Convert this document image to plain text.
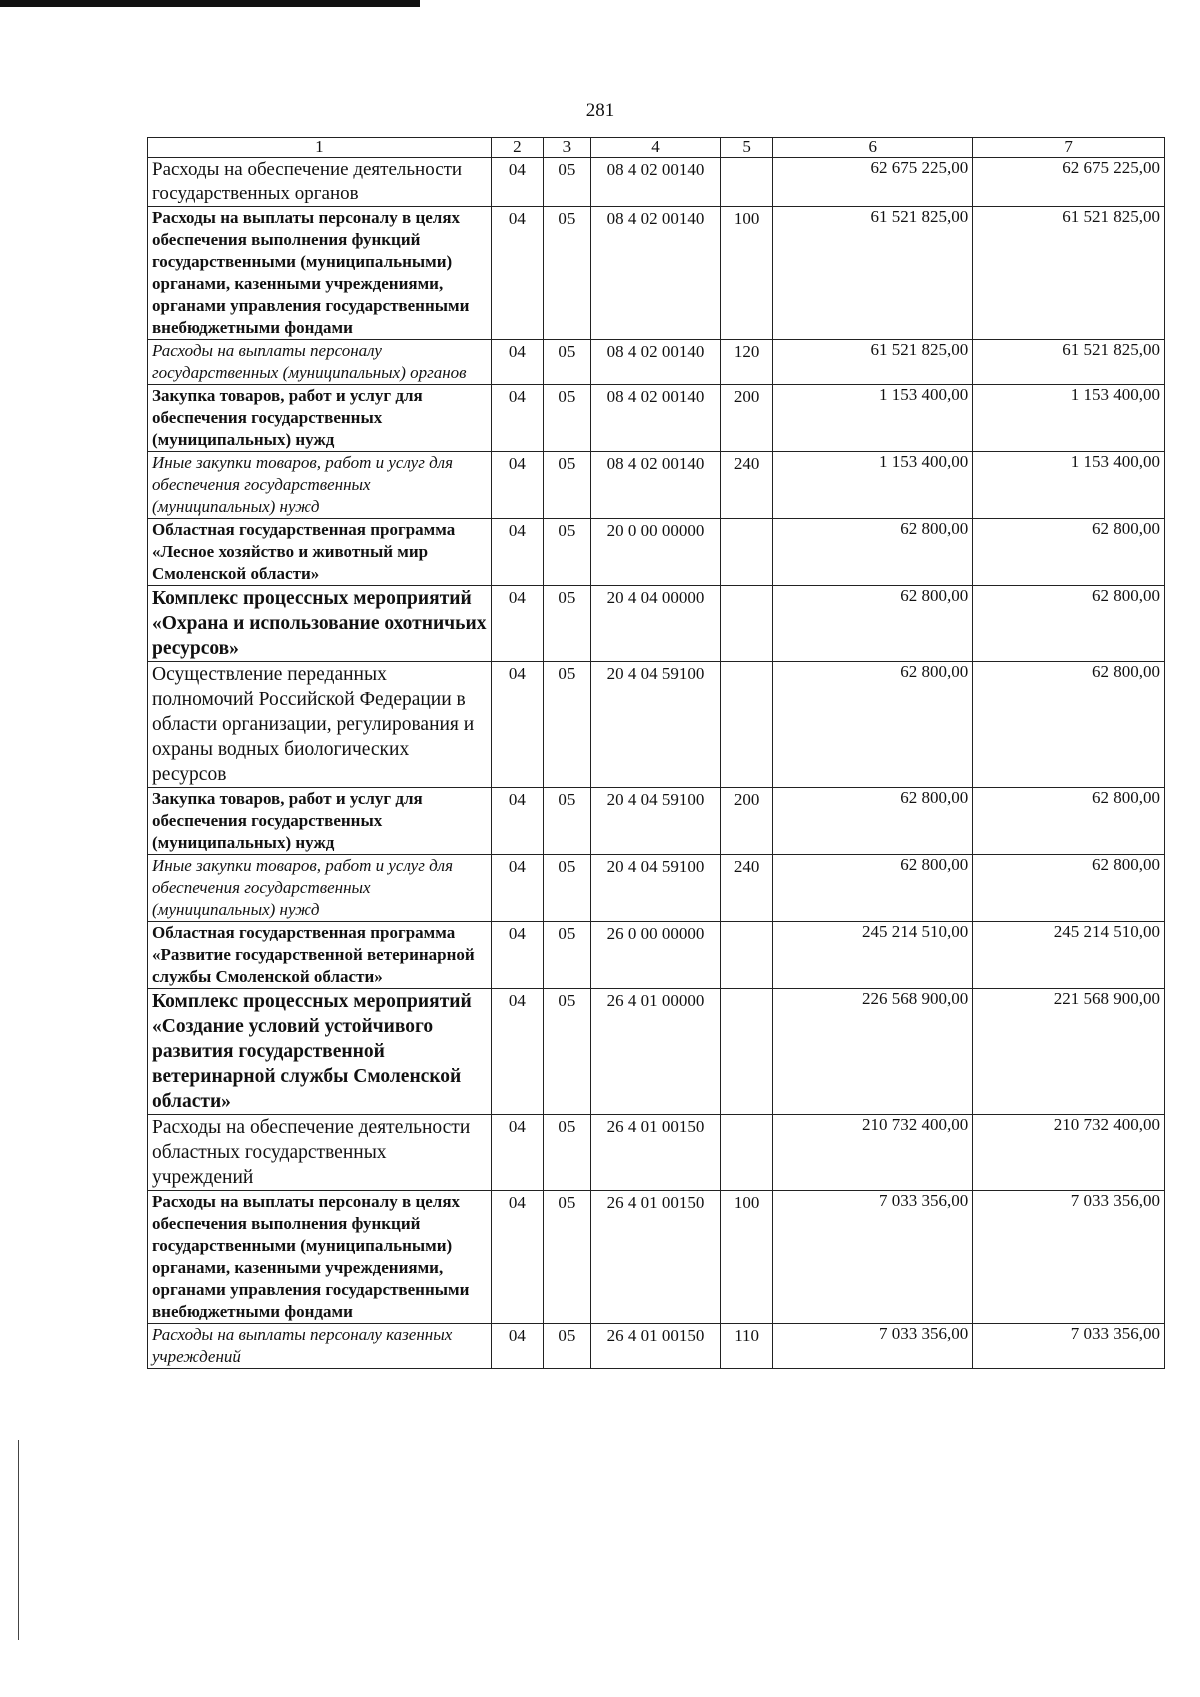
281
1	2	3	4	5	6	7
Расходы на обеспечение деятельности государственных органов	04	05	08 4 02 00140		62 675 225,00	62 675 225,00
Расходы на выплаты персоналу в целях обеспечения выполнения функций государственными (муниципальными) органами, казенными учреждениями, органами управления государственными внебюджетными фондами	04	05	08 4 02 00140	100	61 521 825,00	61 521 825,00
Расходы на выплаты персоналу государственных (муниципальных) органов	04	05	08 4 02 00140	120	61 521 825,00	61 521 825,00
Закупка товаров, работ и услуг для обеспечения государственных (муниципальных) нужд	04	05	08 4 02 00140	200	1 153 400,00	1 153 400,00
Иные закупки товаров, работ и услуг для обеспечения государственных (муниципальных) нужд	04	05	08 4 02 00140	240	1 153 400,00	1 153 400,00
Областная государственная программа «Лесное хозяйство и животный мир Смоленской области»	04	05	20 0 00 00000		62 800,00	62 800,00
Комплекс процессных мероприятий «Охрана и использование охотничьих ресурсов»	04	05	20 4 04 00000		62 800,00	62 800,00
Осуществление переданных полномочий Российской Федерации в области организации, регулирования и охраны водных биологических ресурсов	04	05	20 4 04 59100		62 800,00	62 800,00
Закупка товаров, работ и услуг для обеспечения государственных (муниципальных) нужд	04	05	20 4 04 59100	200	62 800,00	62 800,00
Иные закупки товаров, работ и услуг для обеспечения государственных (муниципальных) нужд	04	05	20 4 04 59100	240	62 800,00	62 800,00
Областная государственная программа «Развитие государственной ветеринарной службы Смоленской области»	04	05	26 0 00 00000		245 214 510,00	245 214 510,00
Комплекс процессных мероприятий «Создание условий устойчивого развития государственной ветеринарной службы Смоленской области»	04	05	26 4 01 00000		226 568 900,00	221 568 900,00
Расходы на обеспечение деятельности областных государственных учреждений	04	05	26 4 01 00150		210 732 400,00	210 732 400,00
Расходы на выплаты персоналу в целях обеспечения выполнения функций государственными (муниципальными) органами, казенными учреждениями, органами управления государственными внебюджетными фондами	04	05	26 4 01 00150	100	7 033 356,00	7 033 356,00
Расходы на выплаты персоналу казенных учреждений	04	05	26 4 01 00150	110	7 033 356,00	7 033 356,00
